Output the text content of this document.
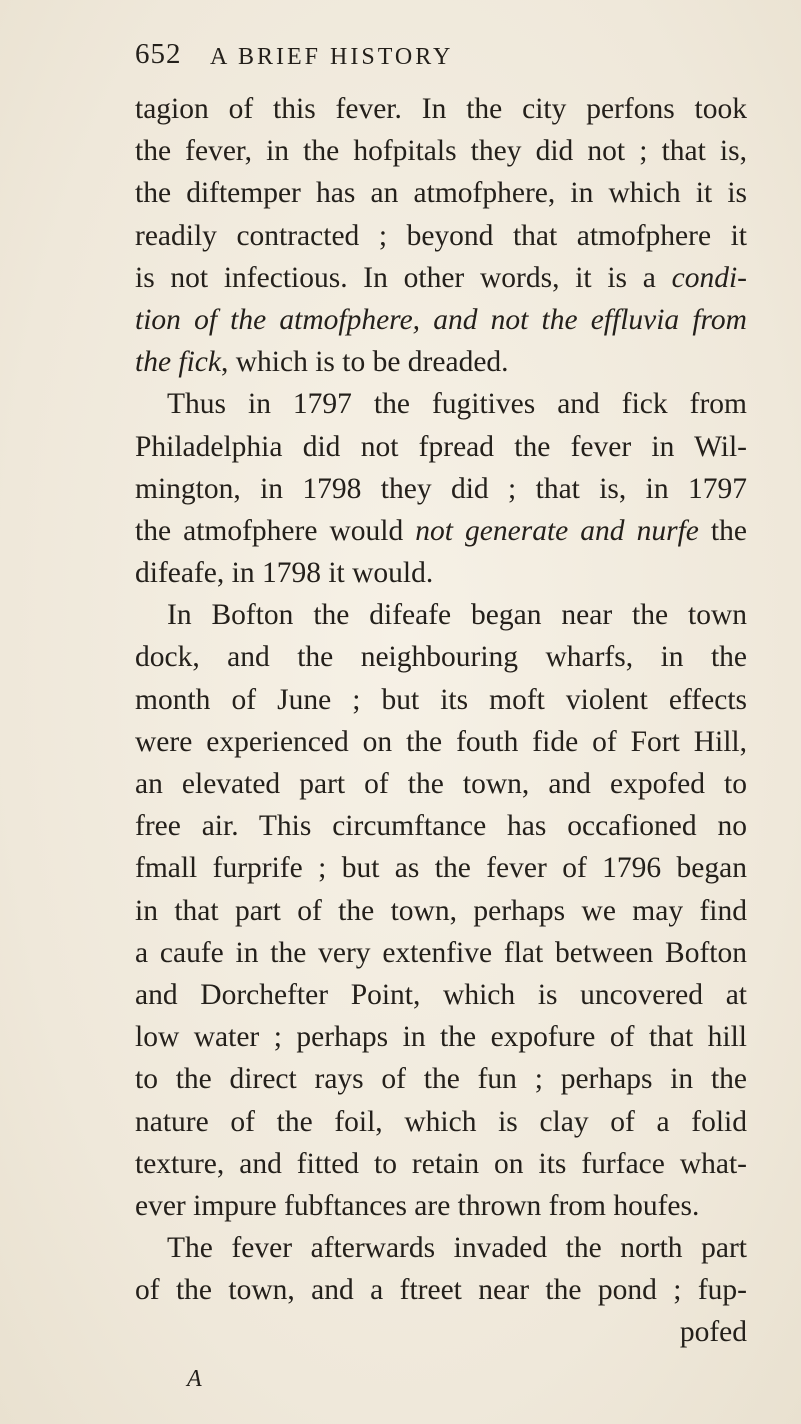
652 A BRIEF HISTORY
tagion of this fever. In the city perfons took
the fever, in the hofpitals they did not ; that is,
the diftemper has an atmofphere, in which it is
readily contracted ; beyond that atmofphere it
is not infectious. In other words, it is a condi-
tion of the atmofphere, and not the effluvia from
the fick, which is to be dreaded.
Thus in 1797 the fugitives and fick from
Philadelphia did not fpread the fever in Wil-
mington, in 1798 they did ; that is, in 1797
the atmofphere would not generate and nurfe the
difeafe, in 1798 it would.
In Bofton the difeafe began near the town
dock, and the neighbouring wharfs, in the
month of June ; but its moft violent effects
were experienced on the fouth fide of Fort Hill,
an elevated part of the town, and expofed to
free air. This circumftance has occafioned no
fmall furprife ; but as the fever of 1796 began
in that part of the town, perhaps we may find
a caufe in the very extenfive flat between Bofton
and Dorchefter Point, which is uncovered at
low water ; perhaps in the expofure of that hill
to the direct rays of the fun ; perhaps in the
nature of the foil, which is clay of a folid
texture, and fitted to retain on its furface what-
ever impure fubftances are thrown from houfes.
The fever afterwards invaded the north part
of the town, and a ftreet near the pond ; fup-
pofed
A
